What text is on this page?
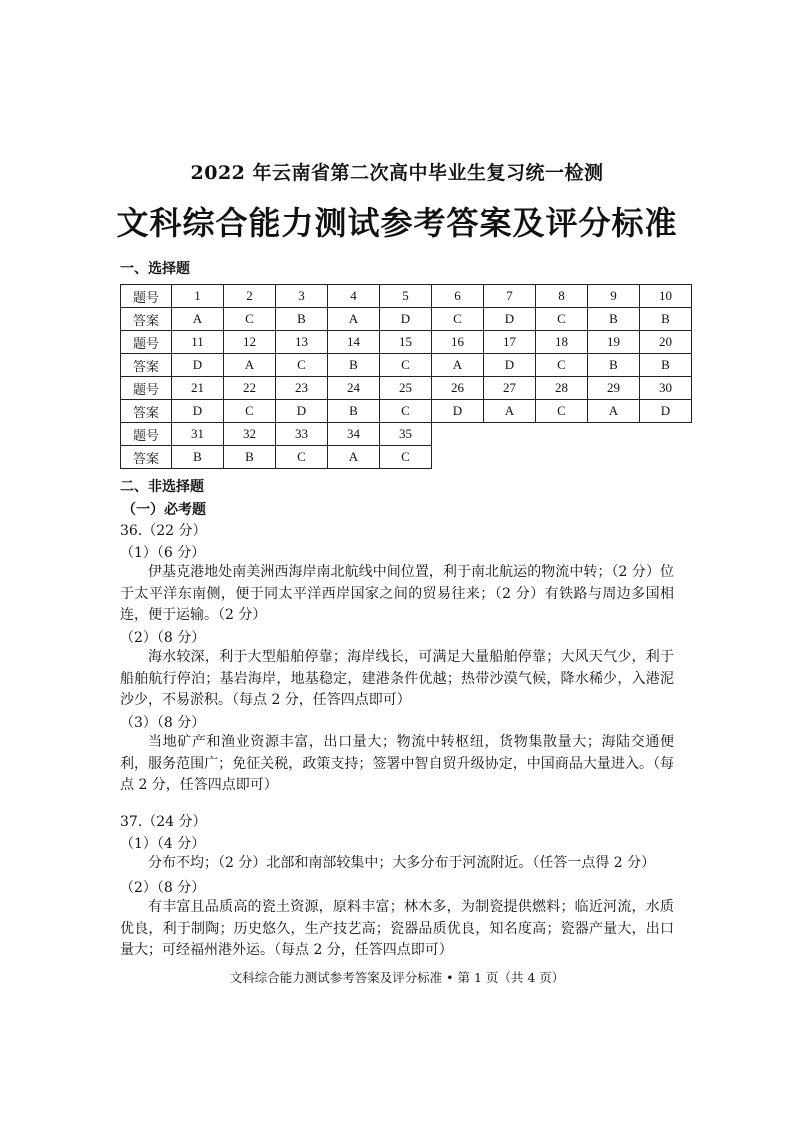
2022 年云南省第二次高中毕业生复习统一检测
文科综合能力测试参考答案及评分标准
一、选择题
题号	1	2	3	4	5	6	7	8	9	10
答案	A	C	B	A	D	C	D	C	B	B
题号	11	12	13	14	15	16	17	18	19	20
答案	D	A	C	B	C	A	D	C	B	B
题号	21	22	23	24	25	26	27	28	29	30
答案	D	C	D	B	C	D	A	C	A	D
题号	31	32	33	34	35					
答案	B	B	C	A	C					
二、非选择题
（一）必考题
36.（22 分）
（1）（6 分）
伊基克港地处南美洲西海岸南北航线中间位置，利于南北航运的物流中转；（2 分）位于太平洋东南侧，便于同太平洋西岸国家之间的贸易往来；（2 分）有铁路与周边多国相连，便于运输。（2 分）
（2）（8 分）
海水较深，利于大型船舶停靠；海岸线长，可满足大量船舶停靠；大风天气少，利于船舶航行停泊；基岩海岸，地基稳定，建港条件优越；热带沙漠气候，降水稀少，入港泥沙少，不易淤积。（每点 2 分，任答四点即可）
（3）（8 分）
当地矿产和渔业资源丰富，出口量大；物流中转枢纽，货物集散量大；海陆交通便利，服务范围广；免征关税，政策支持；签署中智自贸升级协定，中国商品大量进入。（每点 2 分，任答四点即可）
37.（24 分）
（1）（4 分）
分布不均；（2 分）北部和南部较集中；大多分布于河流附近。（任答一点得 2 分）
（2）（8 分）
有丰富且品质高的瓷土资源，原料丰富；林木多，为制瓷提供燃料；临近河流，水质优良，利于制陶；历史悠久，生产技艺高；瓷器品质优良，知名度高；瓷器产量大，出口量大；可经福州港外运。（每点 2 分，任答四点即可）
文科综合能力测试参考答案及评分标准 • 第 1 页（共 4 页）
